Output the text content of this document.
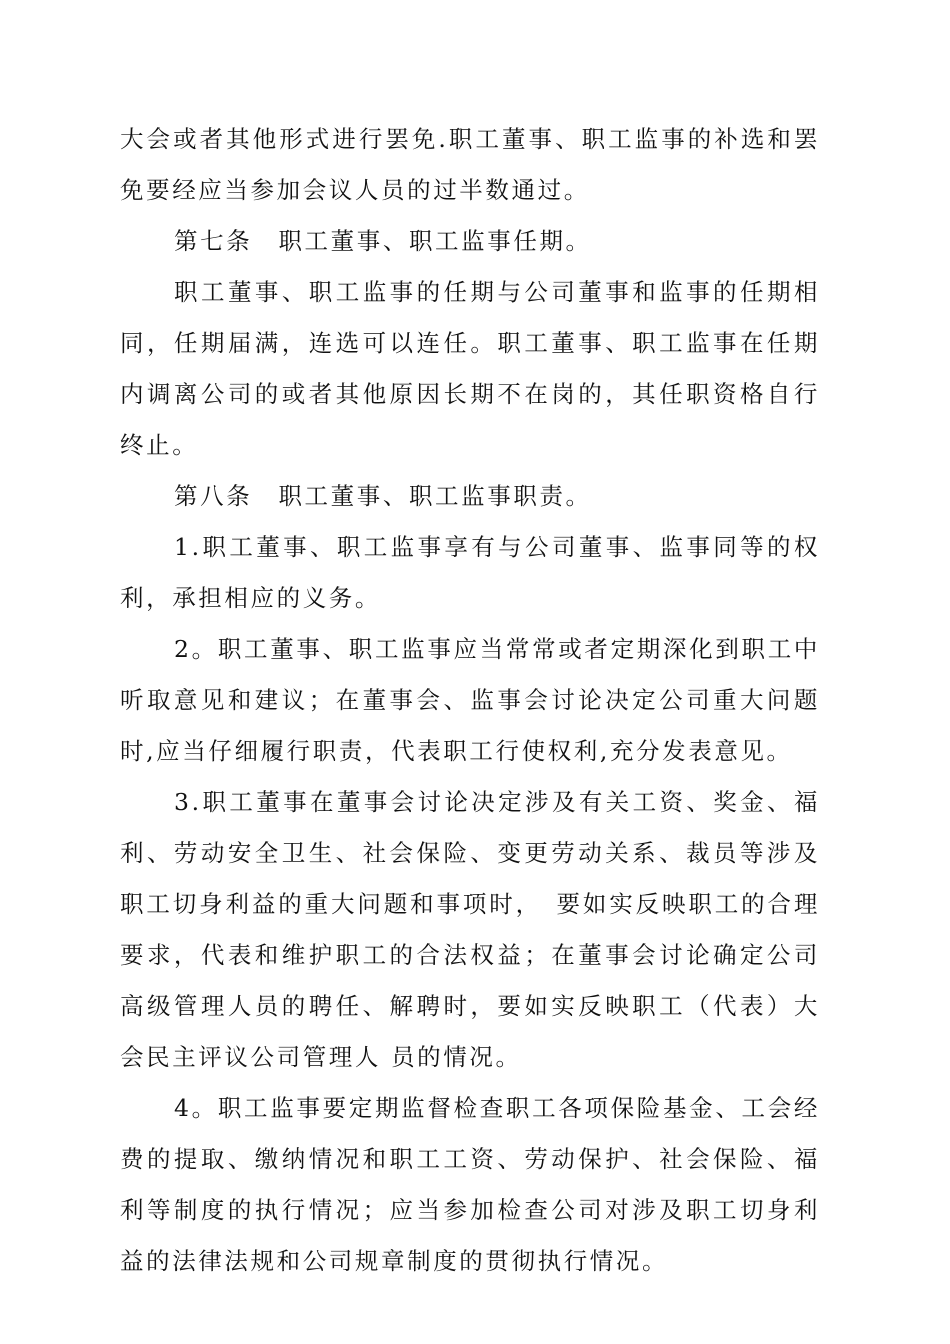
大会或者其他形式进行罢免.职工董事、职工监事的补选和罢免要经应当参加会议人员的过半数通过。

第七条　职工董事、职工监事任期。

职工董事、职工监事的任期与公司董事和监事的任期相同，任期届满，连选可以连任。职工董事、职工监事在任期内调离公司的或者其他原因长期不在岗的，其任职资格自行终止。

第八条　职工董事、职工监事职责。

1.职工董事、职工监事享有与公司董事、监事同等的权利，承担相应的义务。

2。职工董事、职工监事应当常常或者定期深化到职工中听取意见和建议；在董事会、监事会讨论决定公司重大问题时,应当仔细履行职责，代表职工行使权利,充分发表意见。

3.职工董事在董事会讨论决定涉及有关工资、奖金、福利、劳动安全卫生、社会保险、变更劳动关系、裁员等涉及职工切身利益的重大问题和事项时，　要如实反映职工的合理要求，代表和维护职工的合法权益；在董事会讨论确定公司高级管理人员的聘任、解聘时，要如实反映职工（代表）大会民主评议公司管理人 员的情况。

4。职工监事要定期监督检查职工各项保险基金、工会经费的提取、缴纳情况和职工工资、劳动保护、社会保险、福利等制度的执行情况；应当参加检查公司对涉及职工切身利益的法律法规和公司规章制度的贯彻执行情况。
